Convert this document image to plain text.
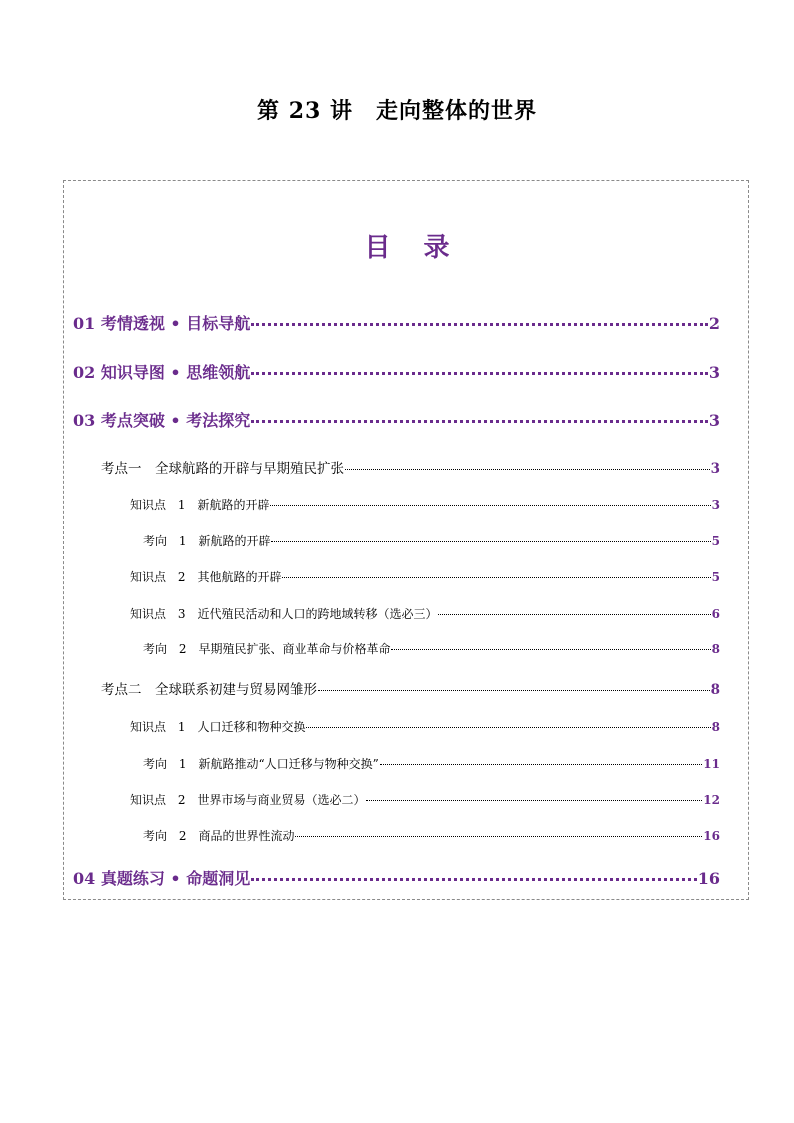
第 23 讲　走向整体的世界
目 录
01 考情透视 • 目标导航	2
02 知识导图 • 思维领航	3
03 考点突破 • 考法探究	3
考点一　全球航路的开辟与早期殖民扩张	3
知识点 1　新航路的开辟	3
考向 1　新航路的开辟	5
知识点 2　其他航路的开辟	5
知识点 3　近代殖民活动和人口的跨地域转移（选必三）	6
考向 2　早期殖民扩张、商业革命与价格革命	8
考点二　全球联系初建与贸易网雏形	8
知识点 1　人口迁移和物种交换	8
考向 1　新航路推动“人口迁移与物种交换”	11
知识点 2　世界市场与商业贸易（选必二）	12
考向 2　商品的世界性流动	16
04 真题练习 • 命题洞见	16
